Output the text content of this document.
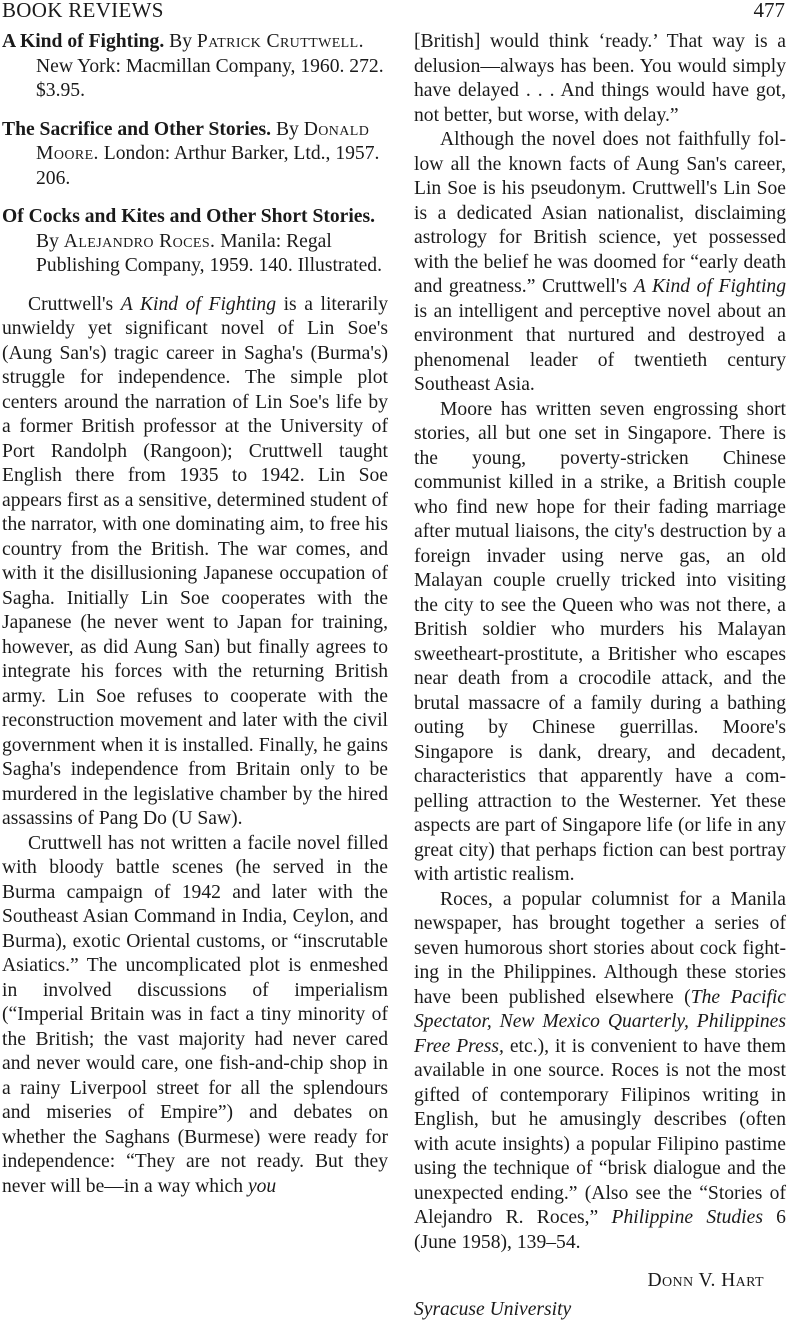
BOOK REVIEWS	477
A Kind of Fighting. By Patrick Cruttwell. New York: Macmillan Company, 1960. 272. $3.95.
The Sacrifice and Other Stories. By Donald Moore. London: Arthur Barker, Ltd., 1957. 206.
Of Cocks and Kites and Other Short Stories. By Alejandro Roces. Manila: Regal Publishing Company, 1959. 140. Illustrated.

Cruttwell's A Kind of Fighting is a literarily unwieldy yet significant novel of Lin Soe's (Aung San's) tragic career in Sagha's (Burma's) struggle for independence. The simple plot centers around the narration of Lin Soe's life by a former British professor at the University of Port Randolph (Rangoon); Cruttwell taught English there from 1935 to 1942. Lin Soe appears first as a sensitive, determined student of the narrator, with one dominating aim, to free his country from the British. The war comes, and with it the disillusioning Japanese occupation of Sagha. Initially Lin Soe cooperates with the Japanese (he never went to Japan for training, however, as did Aung San) but finally agrees to integrate his forces with the returning British army. Lin Soe refuses to cooperate with the reconstruction movement and later with the civil government when it is installed. Finally, he gains Sagha's independence from Britain only to be murdered in the legislative chamber by the hired assassins of Pang Do (U Saw).

Cruttwell has not written a facile novel filled with bloody battle scenes (he served in the Burma campaign of 1942 and later with the Southeast Asian Command in India, Ceylon, and Burma), exotic Oriental customs, or “inscrutable Asiatics.” The uncomplicated plot is enmeshed in involved discussions of imperialism (“Imperial Britain was in fact a tiny minority of the British; the vast majority had never cared and never would care, one fish-and-chip shop in a rainy Liverpool street for all the splendours and miseries of Empire”) and debates on whether the Saghans (Burmese) were ready for independence: “They are not ready. But they never will be—in a way which you

[British] would think ‘ready.’ That way is a delusion—always has been. You would simply have delayed . . . And things would have got, not better, but worse, with delay.”

Although the novel does not faithfully follow all the known facts of Aung San's career, Lin Soe is his pseudonym. Cruttwell's Lin Soe is a dedicated Asian nationalist, disclaiming astrology for British science, yet possessed with the belief he was doomed for “early death and greatness.” Cruttwell's A Kind of Fighting is an intelligent and perceptive novel about an environment that nurtured and destroyed a phenomenal leader of twentieth century Southeast Asia.

Moore has written seven engrossing short stories, all but one set in Singapore. There is the young, poverty-stricken Chinese communist killed in a strike, a British couple who find new hope for their fading marriage after mutual liaisons, the city's destruction by a foreign invader using nerve gas, an old Malayan couple cruelly tricked into visiting the city to see the Queen who was not there, a British soldier who murders his Malayan sweetheart-prostitute, a Britisher who escapes near death from a crocodile attack, and the brutal massacre of a family during a bathing outing by Chinese guerrillas. Moore's Singapore is dank, dreary, and decadent, characteristics that apparently have a compelling attraction to the Westerner. Yet these aspects are part of Singapore life (or life in any great city) that perhaps fiction can best portray with artistic realism.

Roces, a popular columnist for a Manila newspaper, has brought together a series of seven humorous short stories about cock fighting in the Philippines. Although these stories have been published elsewhere (The Pacific Spectator, New Mexico Quarterly, Philippines Free Press, etc.), it is convenient to have them available in one source. Roces is not the most gifted of contemporary Filipinos writing in English, but he amusingly describes (often with acute insights) a popular Filipino pastime using the technique of “brisk dialogue and the unexpected ending.” (Also see the “Stories of Alejandro R. Roces,” Philippine Studies 6 (June 1958), 139–54.

Donn V. Hart
Syracuse University
